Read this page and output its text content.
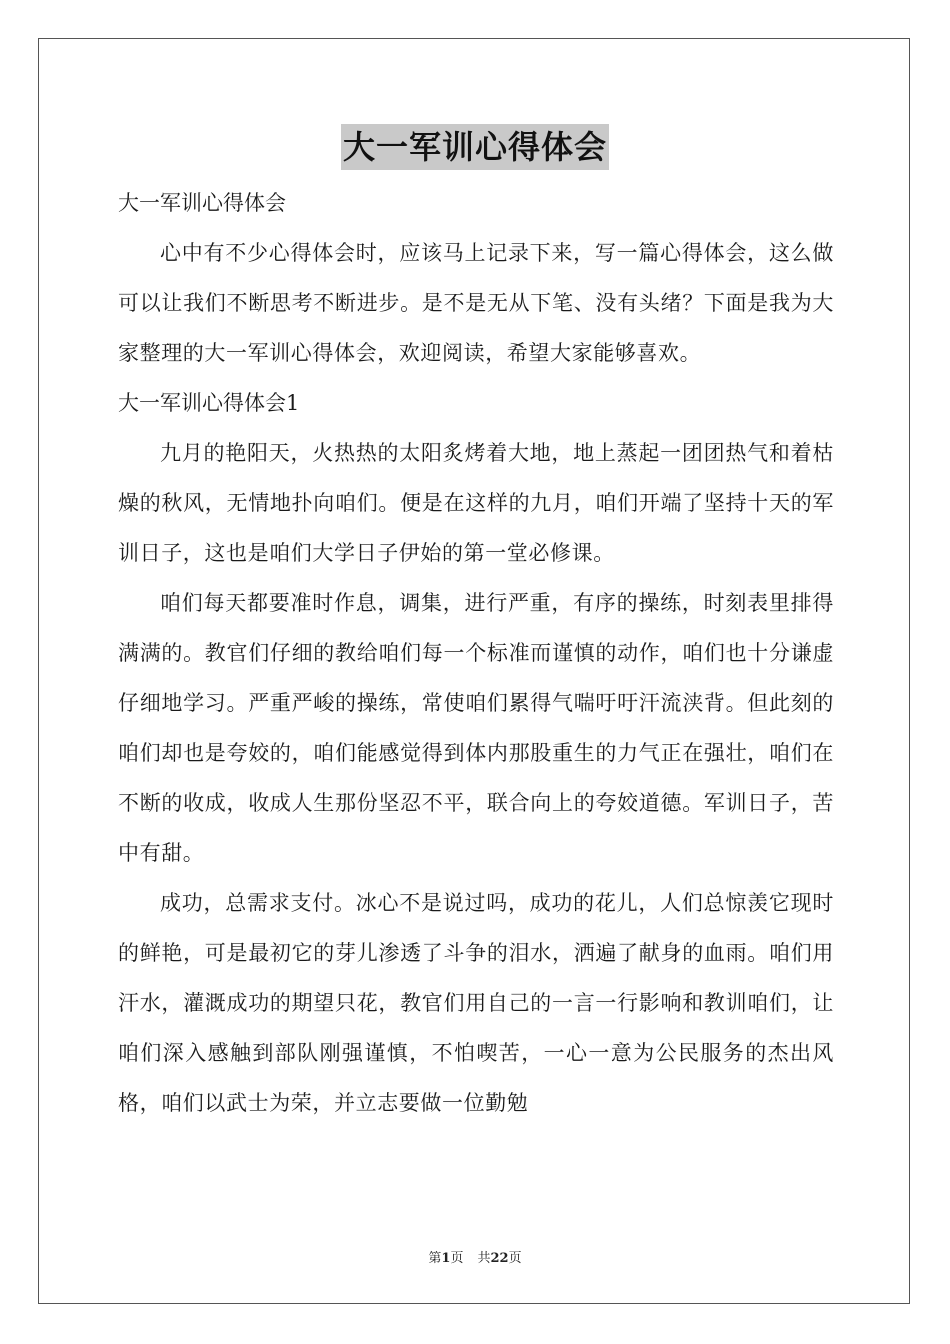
大一军训心得体会

大一军训心得体会

心中有不少心得体会时，应该马上记录下来，写一篇心得体会，这么做可以让我们不断思考不断进步。是不是无从下笔、没有头绪？下面是我为大家整理的大一军训心得体会，欢迎阅读，希望大家能够喜欢。

大一军训心得体会1

九月的艳阳天，火热热的太阳炙烤着大地，地上蒸起一团团热气和着枯燥的秋风，无情地扑向咱们。便是在这样的九月，咱们开端了坚持十天的军训日子，这也是咱们大学日子伊始的第一堂必修课。

咱们每天都要准时作息，调集，进行严重，有序的操练，时刻表里排得满满的。教官们仔细的教给咱们每一个标准而谨慎的动作，咱们也十分谦虚仔细地学习。严重严峻的操练，常使咱们累得气喘吁吁汗流浃背。但此刻的咱们却也是夸姣的，咱们能感觉得到体内那股重生的力气正在强壮，咱们在不断的收成，收成人生那份坚忍不平，联合向上的夸姣道德。军训日子，苦中有甜。

成功，总需求支付。冰心不是说过吗，成功的花儿，人们总惊羡它现时的鲜艳，可是最初它的芽儿渗透了斗争的泪水，洒遍了献身的血雨。咱们用汗水，灌溉成功的期望只花，教官们用自己的一言一行影响和教训咱们，让咱们深入感触到部队刚强谨慎，不怕喫苦，一心一意为公民服务的杰出风格，咱们以武士为荣，并立志要做一位勤勉

第1页 共22页
